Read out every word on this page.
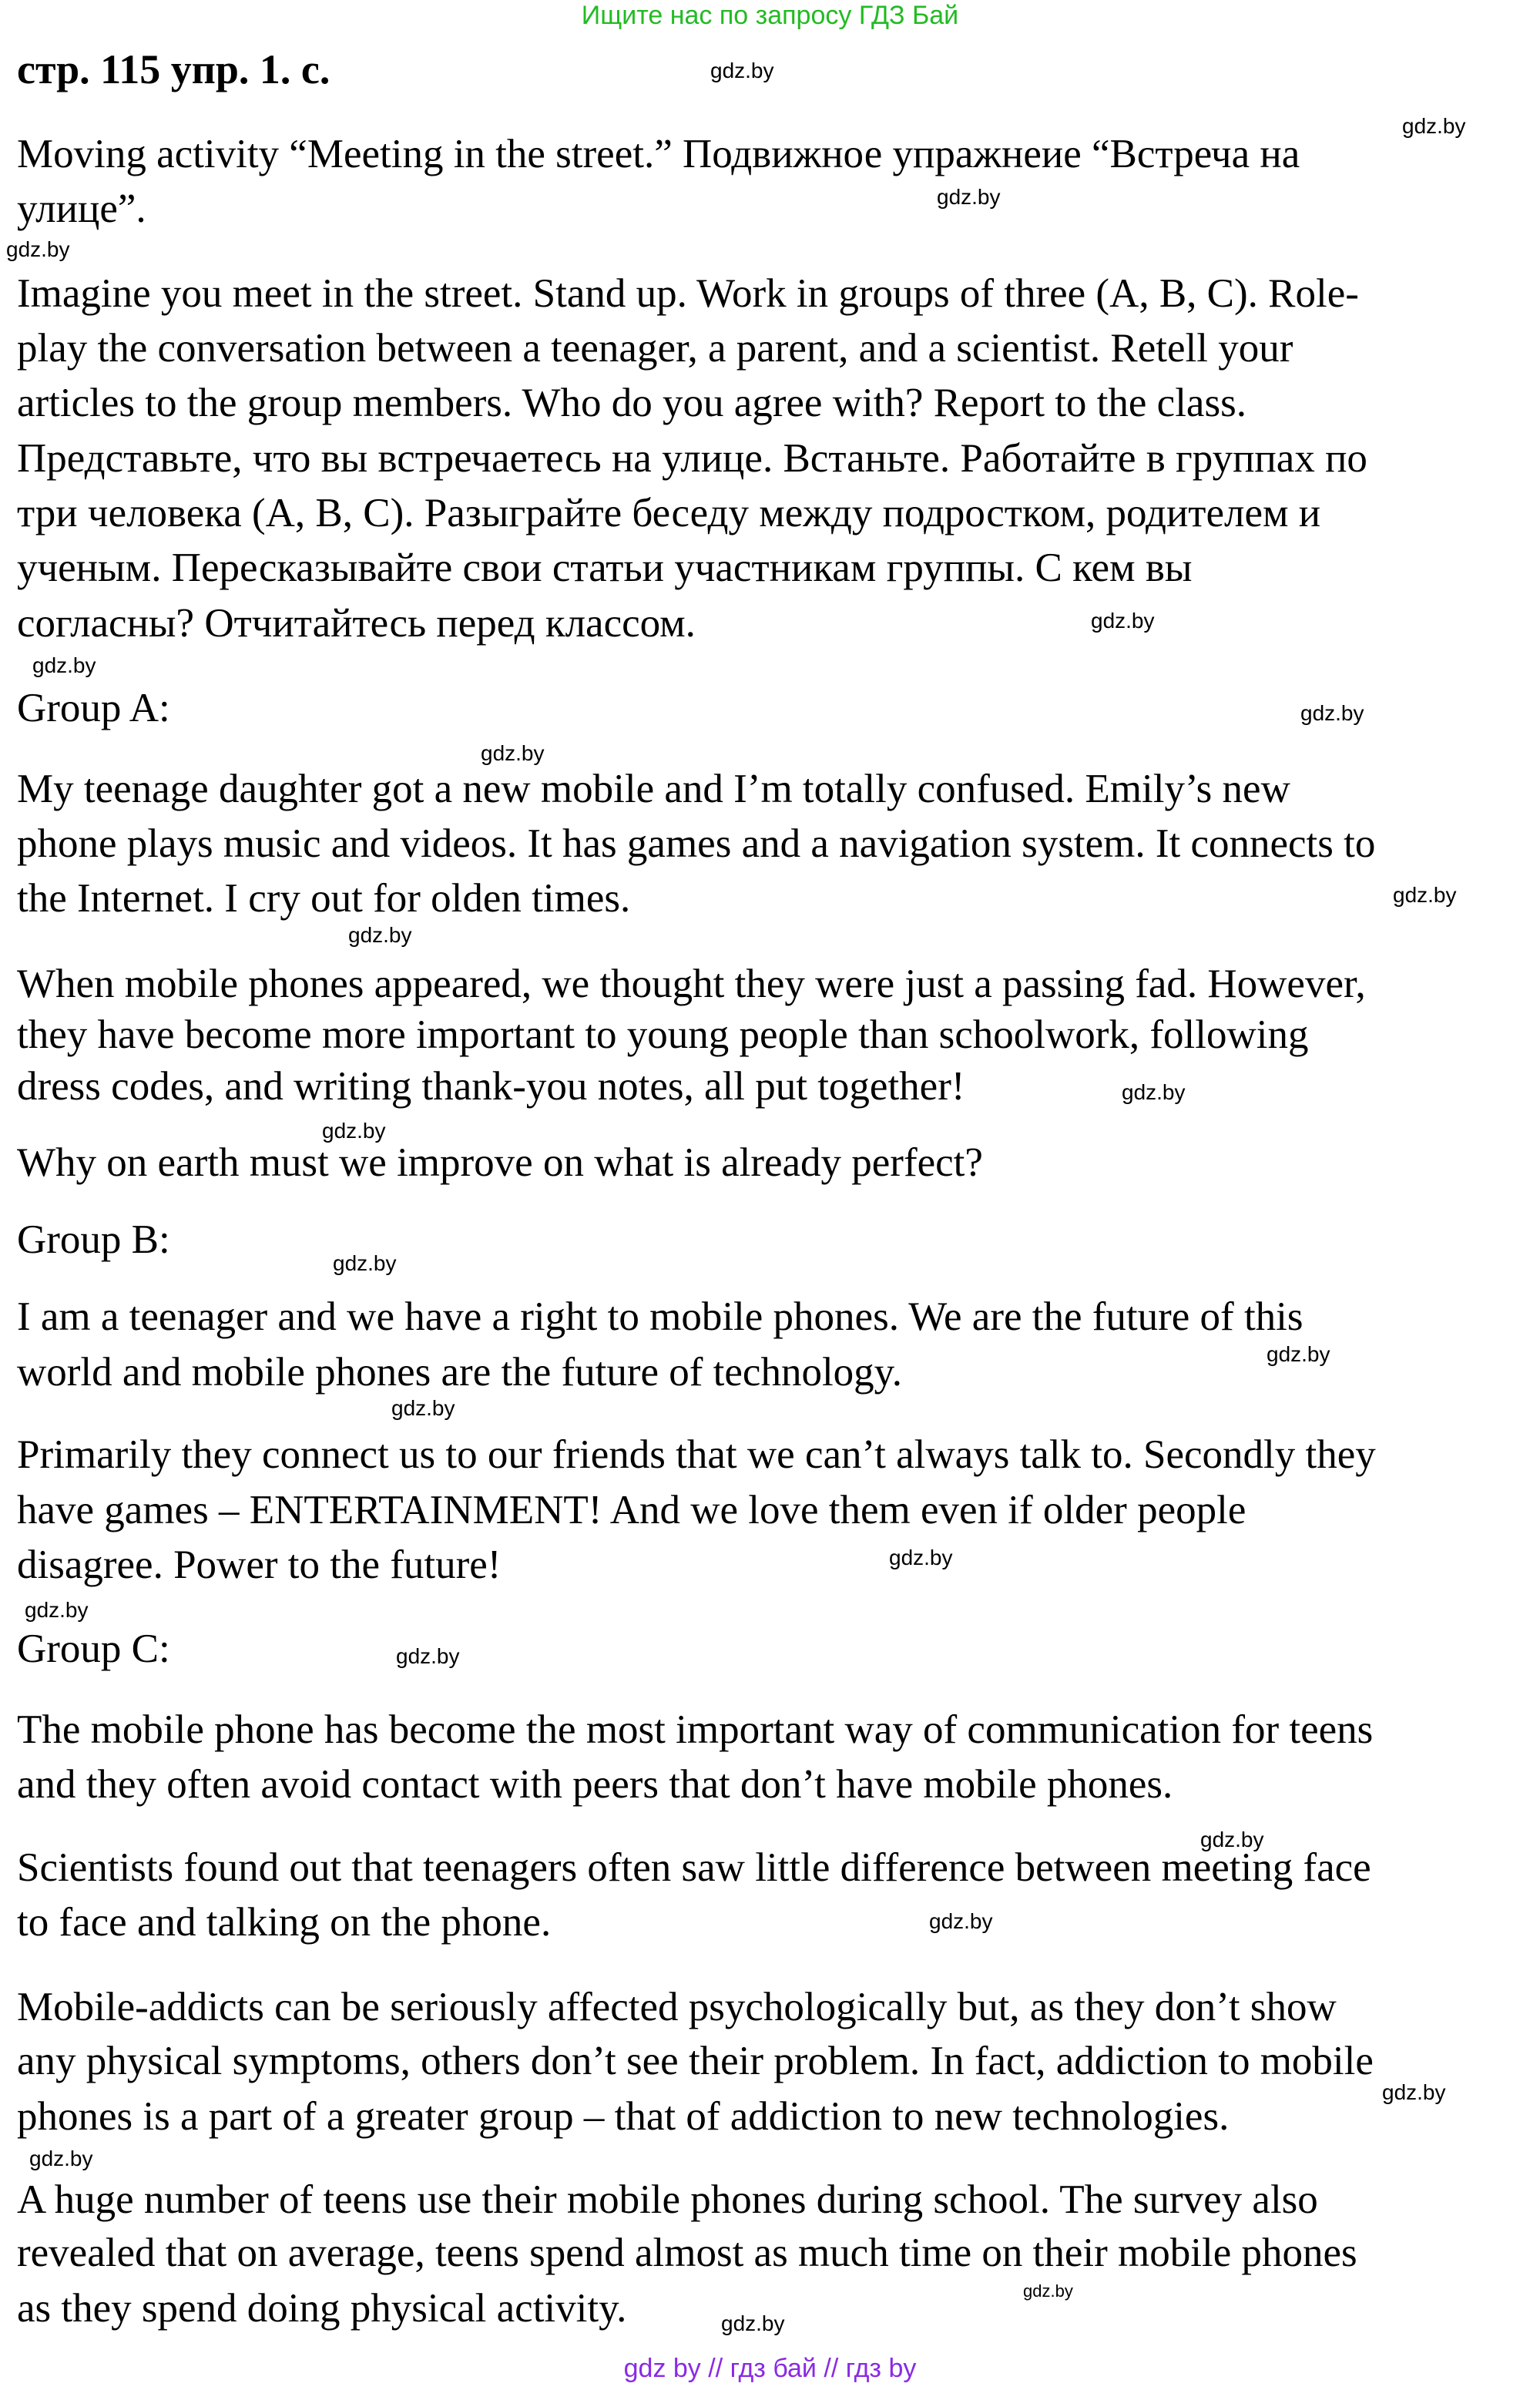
Ищите нас по запросу ГДЗ Бай
стр. 115 упр. 1. с.
Moving activity “Meeting in the street.” Подвижное упражнеие “Встреча на
улице”.
Imagine you meet in the street. Stand up. Work in groups of three (A, B, C). Role-
play the conversation between a teenager, a parent, and a scientist. Retell your
articles to the group members. Who do you agree with? Report to the class.
Представьте, что вы встречаетесь на улице. Встаньте. Работайте в группах по
три человека (A, B, C). Разыграйте беседу между подростком, родителем и
ученым. Пересказывайте свои статьи участникам группы. С кем вы
согласны? Отчитайтесь перед классом.
Group A:
My teenage daughter got a new mobile and I’m totally confused. Emily’s new
phone plays music and videos. It has games and a navigation system. It connects to
the Internet. I cry out for olden times.
When mobile phones appeared, we thought they were just a passing fad. However,
they have become more important to young people than schoolwork, following
dress codes, and writing thank-you notes, all put together!
Why on earth must we improve on what is already perfect?
Group B:
I am a teenager and we have a right to mobile phones. We are the future of this
world and mobile phones are the future of technology.
Primarily they connect us to our friends that we can’t always talk to. Secondly they
have games – ENTERTAINMENT! And we love them even if older people
disagree. Power to the future!
Group C:
The mobile phone has become the most important way of communication for teens
and they often avoid contact with peers that don’t have mobile phones.
Scientists found out that teenagers often saw little difference between meeting face
to face and talking on the phone.
Mobile-addicts can be seriously affected psychologically but, as they don’t show
any physical symptoms, others don’t see their problem. In fact, addiction to mobile
phones is a part of a greater group – that of addiction to new technologies.
A huge number of teens use their mobile phones during school. The survey also
revealed that on average, teens spend almost as much time on their mobile phones
as they spend doing physical activity.
gdz.by
gdz.by
gdz.by
gdz.by
gdz.by
gdz.by
gdz.by
gdz.by
gdz.by
gdz.by
gdz.by
gdz.by
gdz.by
gdz.by
gdz.by
gdz.by
gdz.by
gdz.by
gdz.by
gdz.by
gdz.by
gdz.by
gdz.by
gdz.by
gdz by // гдз бай // гдз by
